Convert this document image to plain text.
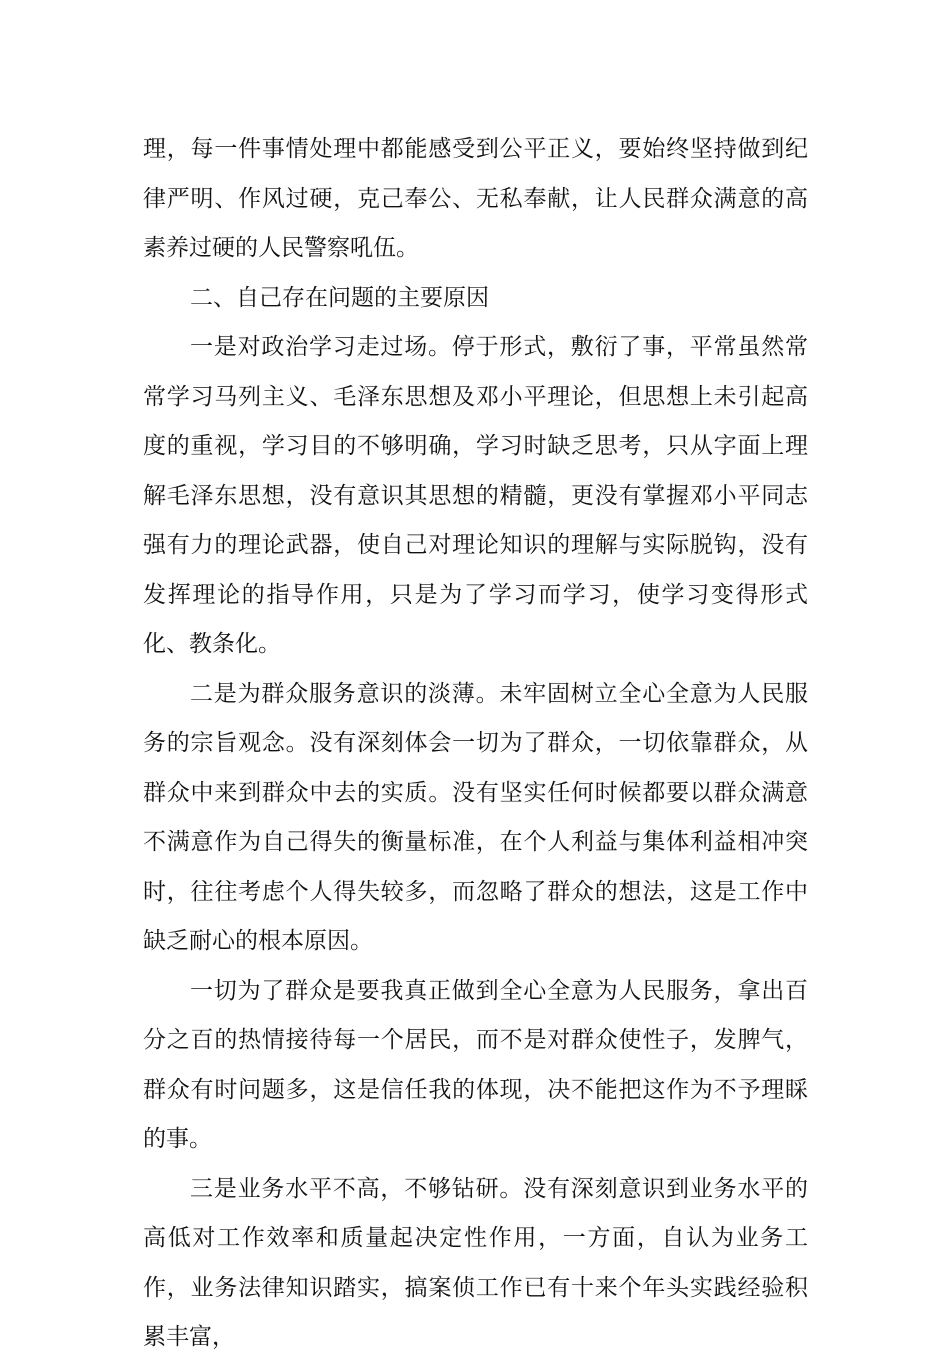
理，每一件事情处理中都能感受到公平正义，要始终坚持做到纪律严明、作风过硬，克己奉公、无私奉献，让人民群众满意的高素养过硬的人民警察吼伍。

二、自己存在问题的主要原因

一是对政治学习走过场。停于形式，敷衍了事，平常虽然常常学习马列主义、毛泽东思想及邓小平理论，但思想上未引起高度的重视，学习目的不够明确，学习时缺乏思考，只从字面上理解毛泽东思想，没有意识其思想的精髓，更没有掌握邓小平同志强有力的理论武器，使自己对理论知识的理解与实际脱钩，没有发挥理论的指导作用，只是为了学习而学习，使学习变得形式化、教条化。

二是为群众服务意识的淡薄。未牢固树立全心全意为人民服务的宗旨观念。没有深刻体会一切为了群众，一切依靠群众，从群众中来到群众中去的实质。没有坚实任何时候都要以群众满意不满意作为自己得失的衡量标准，在个人利益与集体利益相冲突时，往往考虑个人得失较多，而忽略了群众的想法，这是工作中缺乏耐心的根本原因。

一切为了群众是要我真正做到全心全意为人民服务，拿出百分之百的热情接待每一个居民，而不是对群众使性子，发脾气，群众有时问题多，这是信任我的体现，决不能把这作为不予理睬的事。

三是业务水平不高，不够钻研。没有深刻意识到业务水平的高低对工作效率和质量起决定性作用，一方面，自认为业务工作，业务法律知识踏实，搞案侦工作已有十来个年头实践经验积累丰富，
